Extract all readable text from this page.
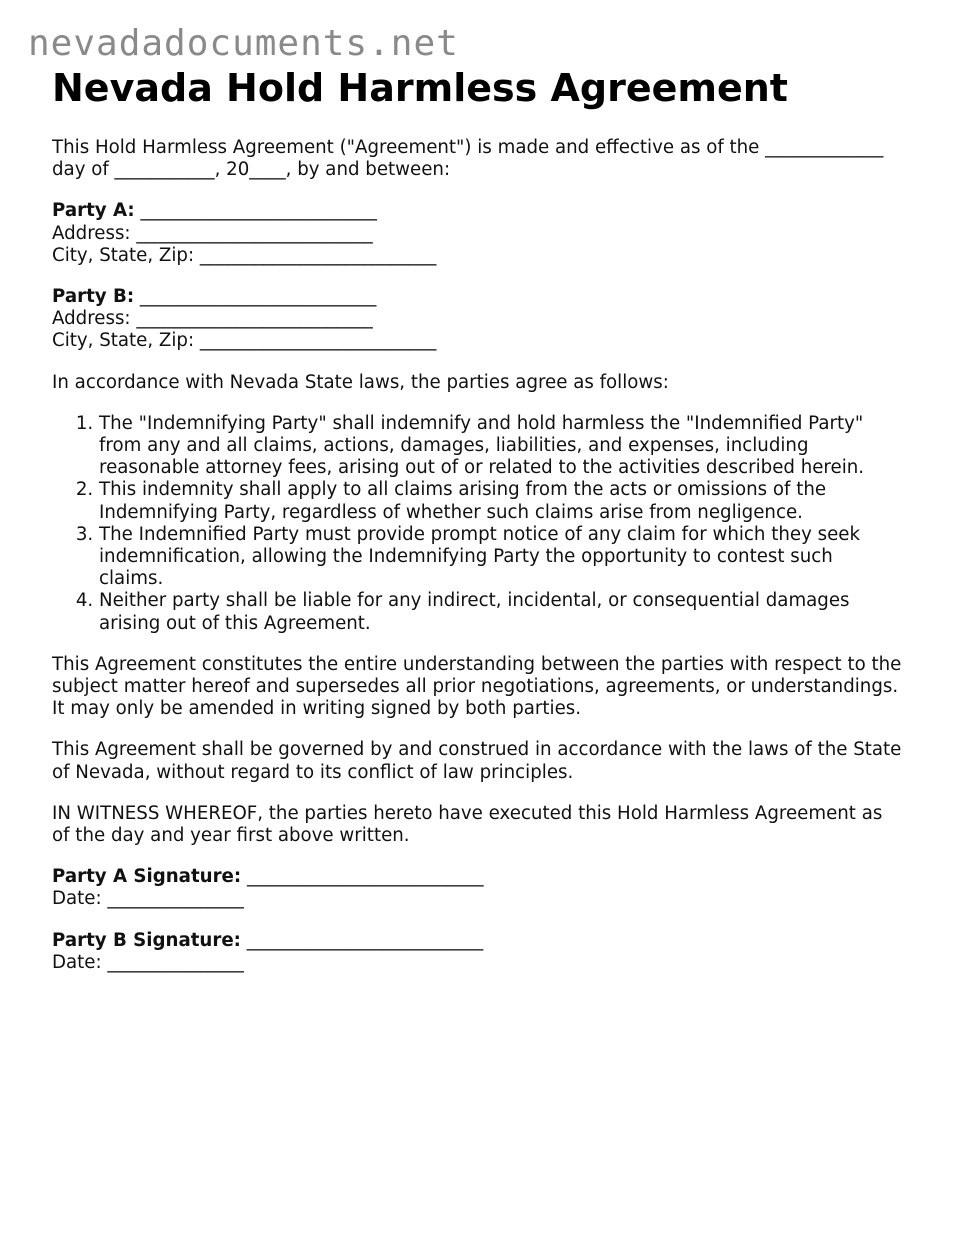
nevadadocuments.net
Nevada Hold Harmless Agreement

This Hold Harmless Agreement ("Agreement") is made and effective as of the _____________ day of ___________, 20____, by and between:

Party A: __________________________
Address: __________________________
City, State, Zip: __________________________
Party B: __________________________
Address: __________________________
City, State, Zip: __________________________

In accordance with Nevada State laws, the parties agree as follows:

1. The "Indemnifying Party" shall indemnify and hold harmless the "Indemnified Party" from any and all claims, actions, damages, liabilities, and expenses, including reasonable attorney fees, arising out of or related to the activities described herein.
2. This indemnity shall apply to all claims arising from the acts or omissions of the Indemnifying Party, regardless of whether such claims arise from negligence.
3. The Indemnified Party must provide prompt notice of any claim for which they seek indemnification, allowing the Indemnifying Party the opportunity to contest such claims.
4. Neither party shall be liable for any indirect, incidental, or consequential damages arising out of this Agreement.

This Agreement constitutes the entire understanding between the parties with respect to the subject matter hereof and supersedes all prior negotiations, agreements, or understandings. It may only be amended in writing signed by both parties.

This Agreement shall be governed by and construed in accordance with the laws of the State of Nevada, without regard to its conflict of law principles.

IN WITNESS WHEREOF, the parties hereto have executed this Hold Harmless Agreement as of the day and year first above written.

Party A Signature: __________________________
Date: _______________
Party B Signature: __________________________
Date: _______________
